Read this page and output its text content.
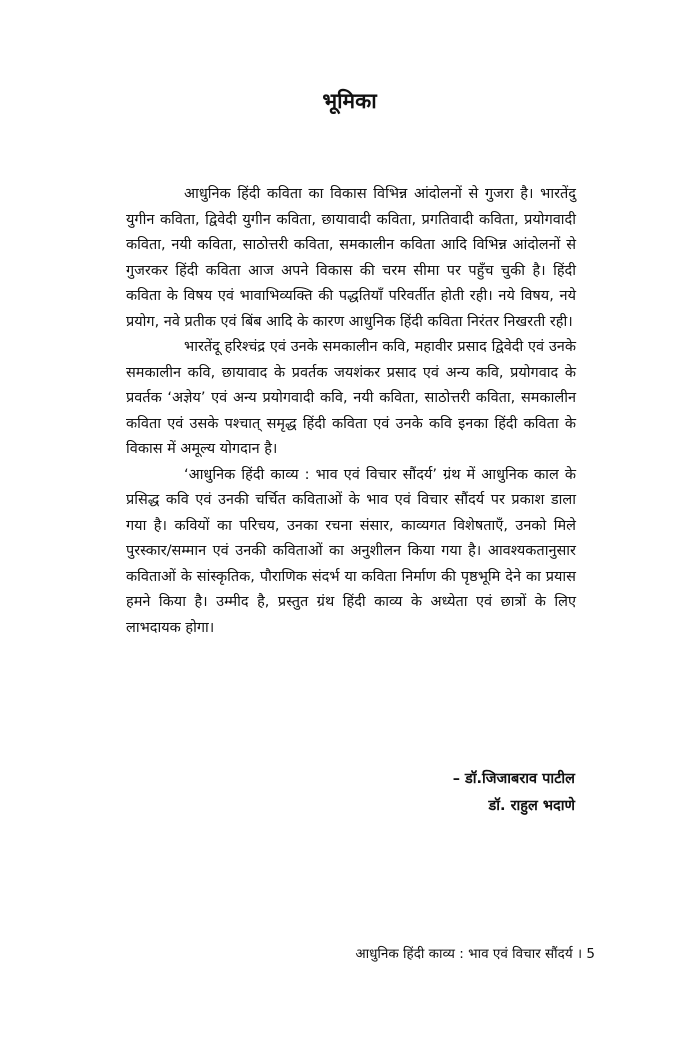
भूमिका

आधुनिक हिंदी कविता का विकास विभिन्न आंदोलनों से गुजरा है। भारतेंदु युगीन कविता, द्विवेदी युगीन कविता, छायावादी कविता, प्रगतिवादी कविता, प्रयोगवादी कविता, नयी कविता, साठोत्तरी कविता, समकालीन कविता आदि विभिन्न आंदोलनों से गुजरकर हिंदी कविता आज अपने विकास की चरम सीमा पर पहुँच चुकी है। हिंदी कविता के विषय एवं भावाभिव्यक्ति की पद्धतियाँ परिवर्तीत होती रही। नये विषय, नये प्रयोग, नवे प्रतीक एवं बिंब आदि के कारण आधुनिक हिंदी कविता निरंतर निखरती रही।

भारतेंदू हरिश्चंद्र एवं उनके समकालीन कवि, महावीर प्रसाद द्विवेदी एवं उनके समकालीन कवि, छायावाद के प्रवर्तक जयशंकर प्रसाद एवं अन्य कवि, प्रयोगवाद के प्रवर्तक ‘अज्ञेय’ एवं अन्य प्रयोगवादी कवि, नयी कविता, साठोत्तरी कविता, समकालीन कविता एवं उसके पश्चात् समृद्ध हिंदी कविता एवं उनके कवि इनका हिंदी कविता के विकास में अमूल्य योगदान है।

‘आधुनिक हिंदी काव्य : भाव एवं विचार सौंदर्य’ ग्रंथ में आधुनिक काल के प्रसिद्ध कवि एवं उनकी चर्चित कविताओं के भाव एवं विचार सौंदर्य पर प्रकाश डाला गया है। कवियों का परिचय, उनका रचना संसार, काव्यगत विशेषताएँ, उनको मिले पुरस्कार/सम्मान एवं उनकी कविताओं का अनुशीलन किया गया है। आवश्यकतानुसार कविताओं के सांस्कृतिक, पौराणिक संदर्भ या कविता निर्माण की पृष्ठभूमि देने का प्रयास हमने किया है। उम्मीद है, प्रस्तुत ग्रंथ हिंदी काव्य के अध्येता एवं छात्रों के लिए लाभदायक होगा।

– डॉ.जिजाबराव पाटील
डॉ. राहुल भदाणे
आधुनिक हिंदी काव्य : भाव एवं विचार सौंदर्य । 5
